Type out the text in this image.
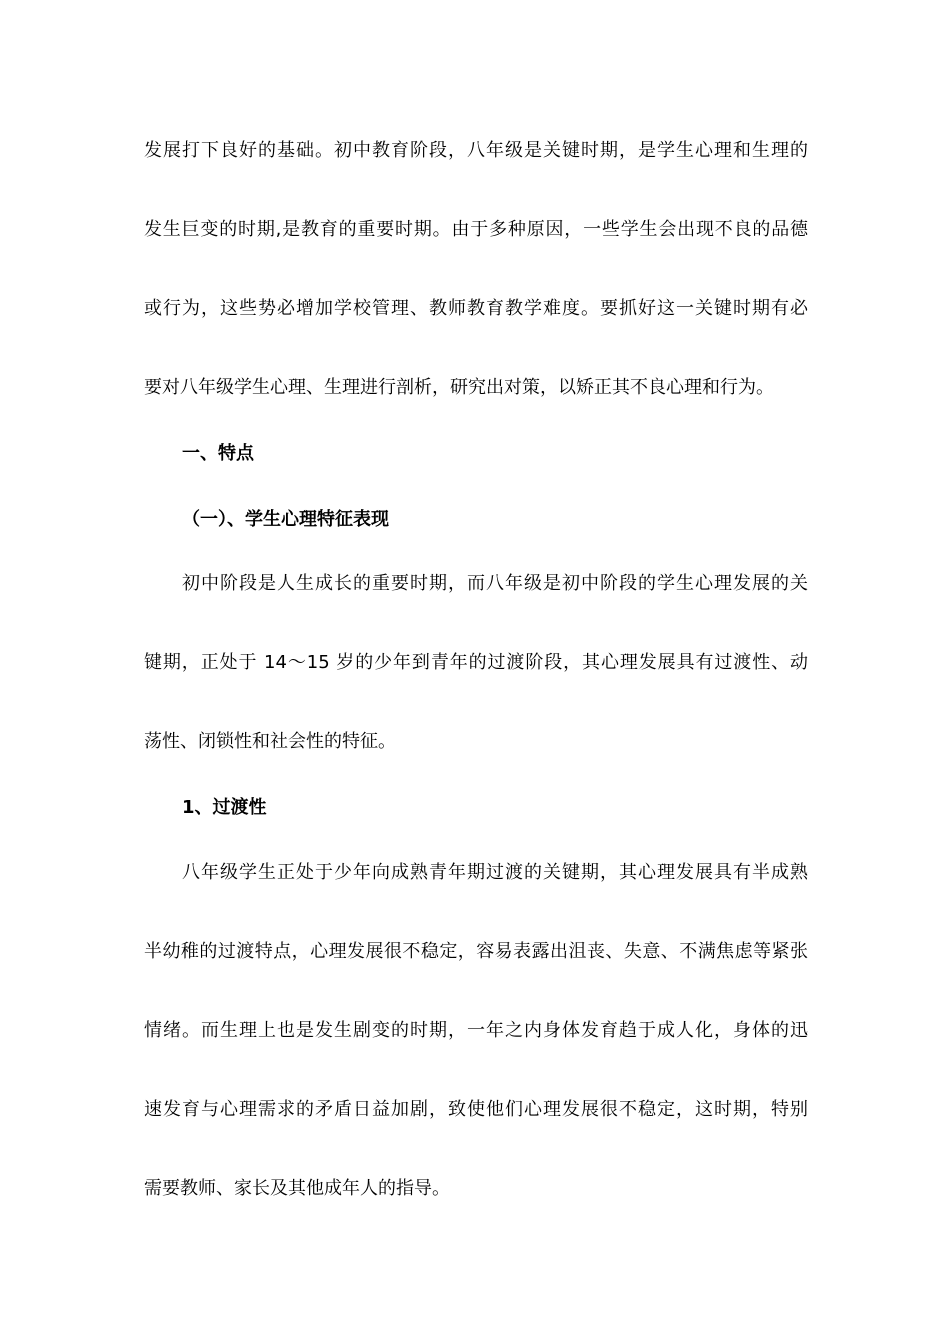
发展打下良好的基础。初中教育阶段，八年级是关键时期，是学生心理和生理的
发生巨变的时期,是教育的重要时期。由于多种原因，一些学生会出现不良的品德
或行为，这些势必增加学校管理、教师教育教学难度。要抓好这一关键时期有必
要对八年级学生心理、生理进行剖析，研究出对策，以矫正其不良心理和行为。
一、特点
（一）、学生心理特征表现
初中阶段是人生成长的重要时期，而八年级是初中阶段的学生心理发展的关
键期，正处于 14～15 岁的少年到青年的过渡阶段，其心理发展具有过渡性、动
荡性、闭锁性和社会性的特征。
1、过渡性
八年级学生正处于少年向成熟青年期过渡的关键期，其心理发展具有半成熟
半幼稚的过渡特点，心理发展很不稳定，容易表露出沮丧、失意、不满焦虑等紧张
情绪。而生理上也是发生剧变的时期，一年之内身体发育趋于成人化，身体的迅
速发育与心理需求的矛盾日益加剧，致使他们心理发展很不稳定，这时期，特别
需要教师、家长及其他成年人的指导。
